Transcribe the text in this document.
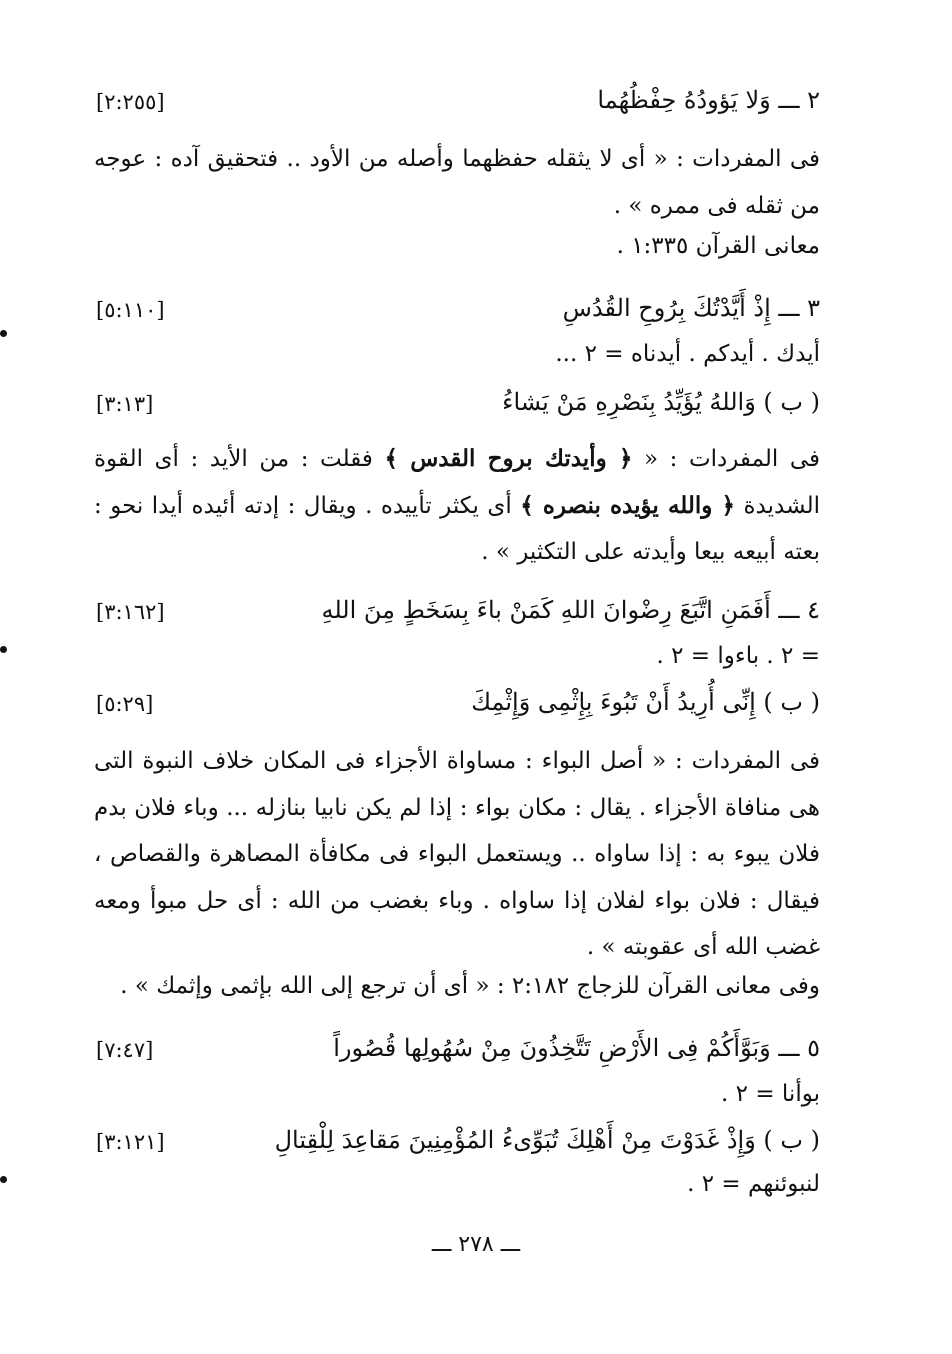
٢ ـــ وَلا يَؤودُهُ حِفْظُهُما
[٢:٢٥٥]
فى المفردات : « أى لا يثقله حفظهما وأصله من الأود .. فتحقيق آده : عوجه من ثقله فى ممره » .
معانى القرآن ١:٣٣٥ .
٣ ـــ إِذْ أَيَّدْتُكَ بِرُوحِ القُدُسِ
[٥:١١٠]
أيدك . أيدكم . أيدناه = ٢ ...
( ب ) وَاللهُ يُؤَيِّدُ بِنَصْرِهِ مَنْ يَشاءُ
[٣:١٣]
فى المفردات : « ﴿ وأيدتك بروح القدس ﴾ فقلت : من الأيد : أى القوة الشديدة ﴿ والله يؤيده بنصره ﴾ أى يكثر تأييده . ويقال : إدته أئيده أيدا نحو : بعته أبيعه بيعا وأيدته على التكثير » .
٤ ـــ أَفَمَنِ اتَّبَعَ رِضْوانَ اللهِ كَمَنْ باءَ بِسَخَطٍ مِنَ اللهِ
[٣:١٦٢]
= ٢ . باءوا = ٢ .
( ب ) إِنِّى أُرِيدُ أَنْ تَبُوءَ بِإِثْمِى وَإِثْمِكَ
[٥:٢٩]
فى المفردات : « أصل البواء : مساواة الأجزاء فى المكان خلاف النبوة التى هى منافاة الأجزاء . يقال : مكان بواء : إذا لم يكن نابيا بنازله ... وباء فلان بدم فلان يبوء به : إذا ساواه .. ويستعمل البواء فى مكافأة المصاهرة والقصاص ، فيقال : فلان بواء لفلان إذا ساواه . وباء بغضب من الله : أى حل مبوأ ومعه غضب الله أى عقوبته » .
وفى معانى القرآن للزجاج ٢:١٨٢ : « أى أن ترجع إلى الله بإثمى وإثمك » .
٥ ـــ وَبَوَّأَكُمْ فِى الأَرْضِ تَتَّخِذُونَ مِنْ سُهُولِها قُصُوراً
[٧:٤٧]
بوأنا = ٢ .
( ب ) وَإِذْ غَدَوْتَ مِنْ أَهْلِكَ تُبَوِّىءُ المُؤْمِنِينَ مَقاعِدَ لِلْقِتالِ
[٣:١٢١]
لنبوئنهم = ٢ .
ـــ ٢٧٨ ـــ
